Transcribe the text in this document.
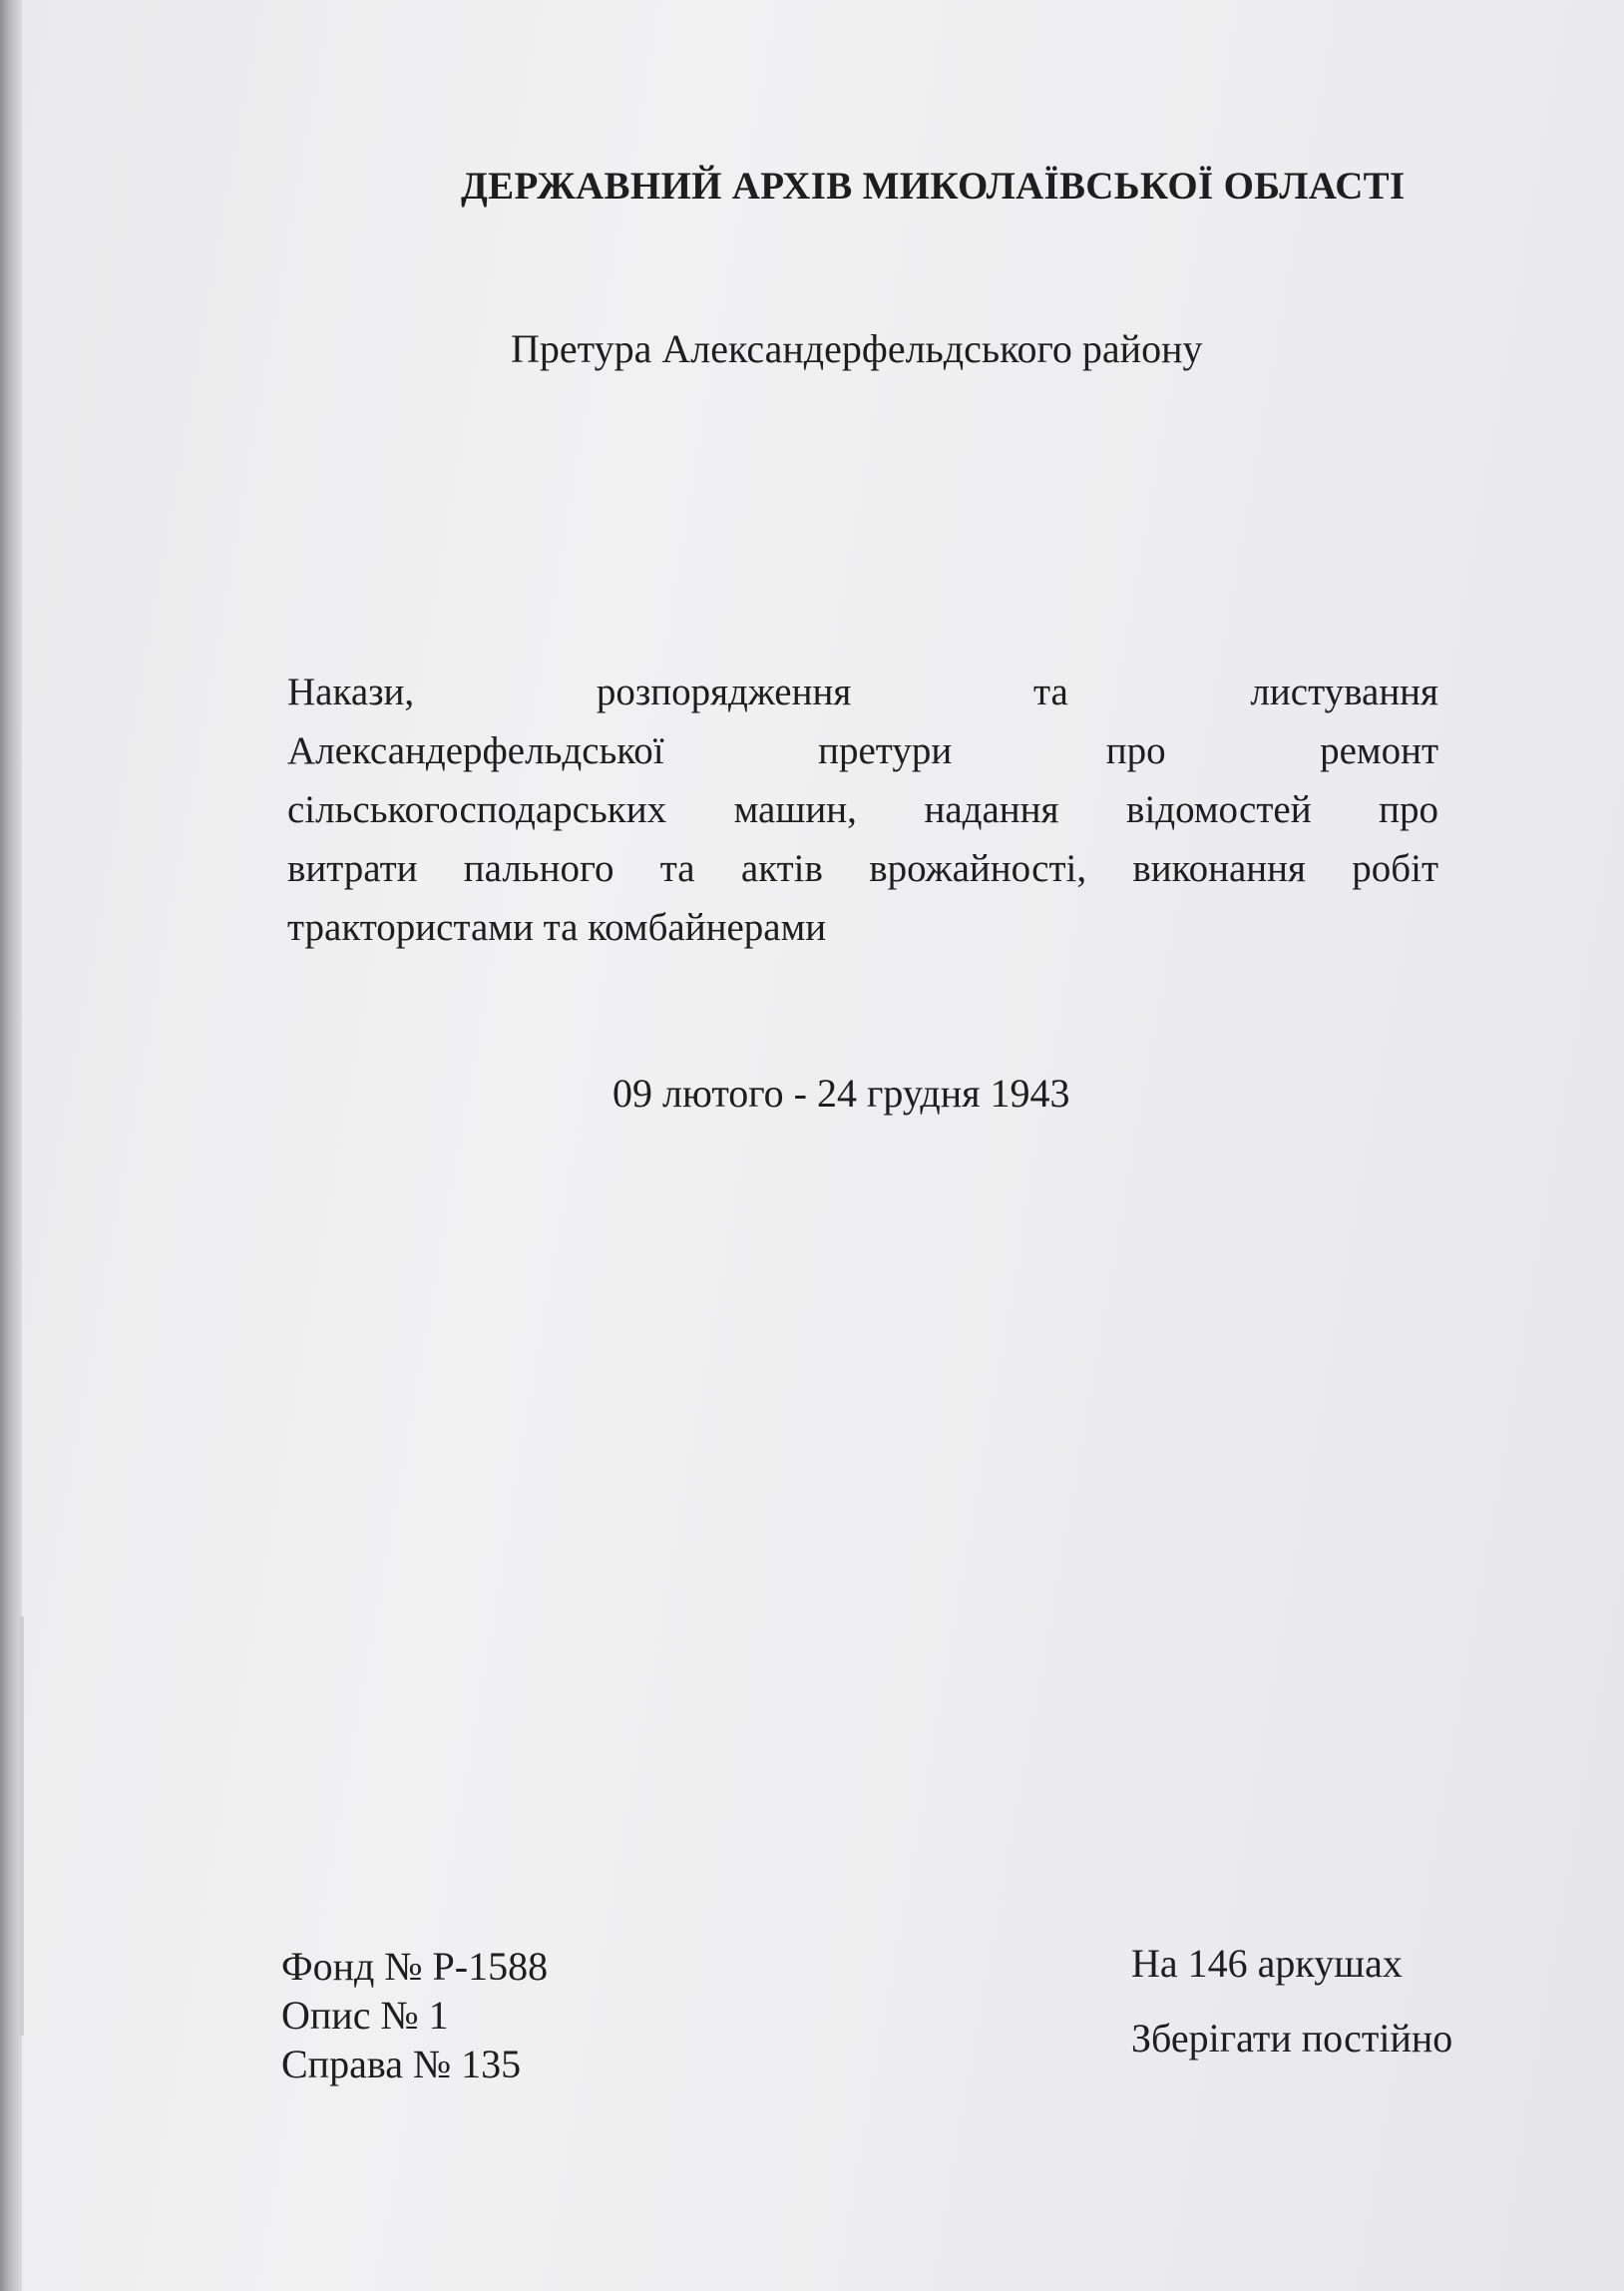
ДЕРЖАВНИЙ АРХІВ МИКОЛАЇВСЬКОЇ ОБЛАСТІ
Претура Александерфельдського району
Накази, розпорядження та листування
Александерфельдської претури про ремонт
сільськогосподарських машин, надання відомостей про
витрати пального та актів врожайності, виконання робіт
трактористами та комбайнерами
09 лютого - 24 грудня 1943
Фонд № Р-1588
Опис № 1
Справа № 135
На 146 аркушах
Зберігати постійно
